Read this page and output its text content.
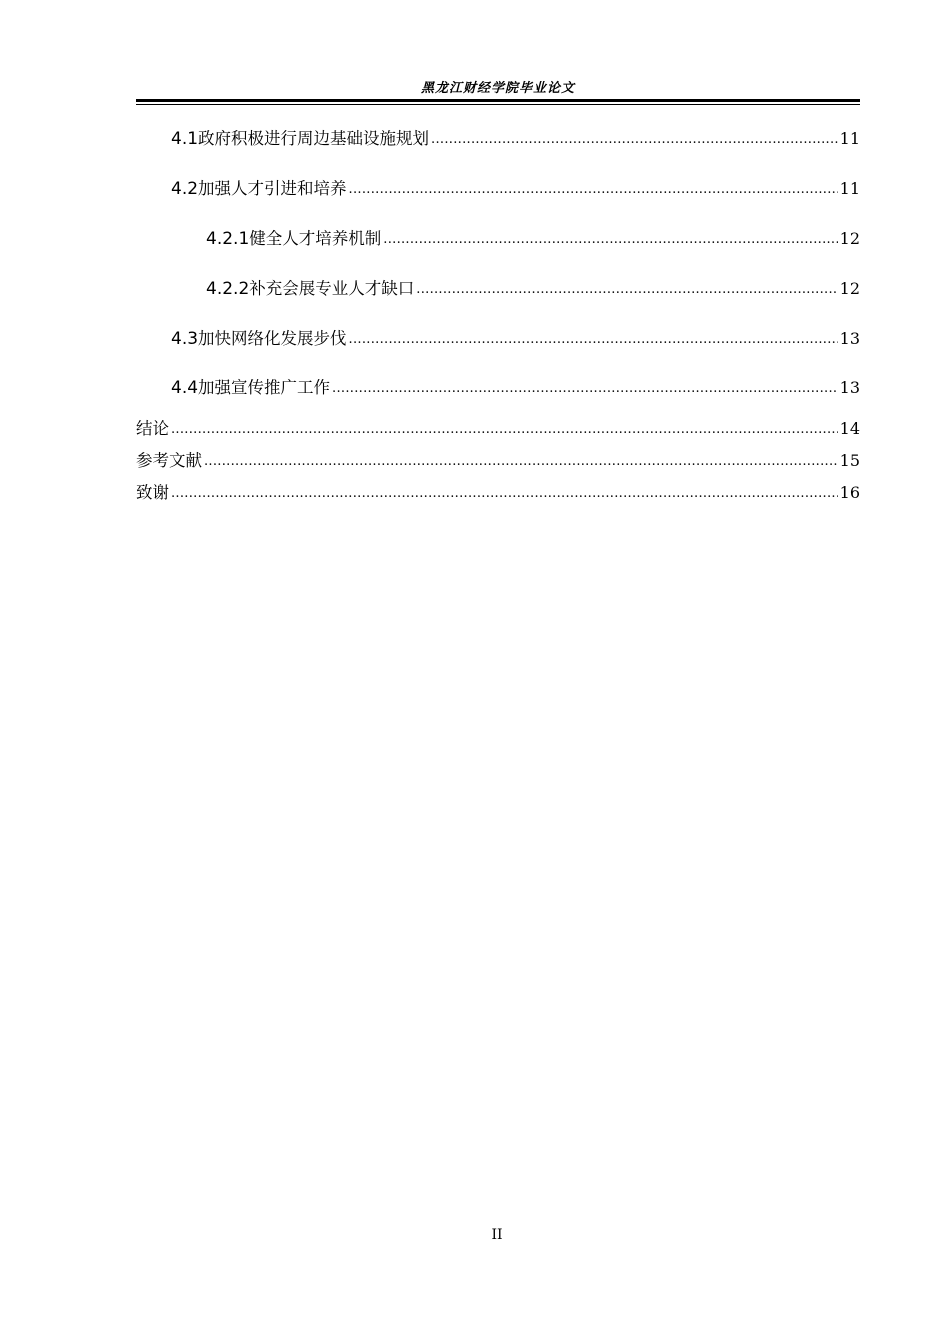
黑龙江财经学院毕业论文
4.1 政府积极进行周边基础设施规划 .....	11
4.2 加强人才引进和培养 .....	11
4.2.1 健全人才培养机制 .....	12
4.2.2 补充会展专业人才缺口 .....	12
4.3 加快网络化发展步伐 .....	13
4.4 加强宣传推广工作 .....	13
结 论 .....	14
参考文献 .....	15
致 谢 .....	16
II
